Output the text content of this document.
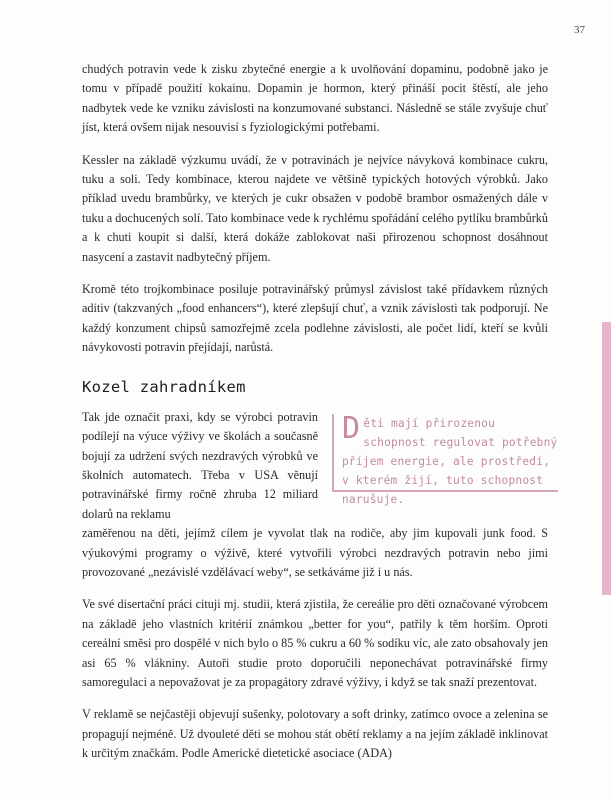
37

chudých potravin vede k zisku zbytečné energie a k uvolňování dopaminu, podobně jako je tomu v případě použití kokainu. Dopamin je hormon, který přináší pocit štěstí, ale jeho nadbytek vede ke vzniku závislosti na konzumované substanci. Následně se stále zvyšuje chuť jíst, která ovšem nijak nesouvisí s fyziologickými potřebami.

Kessler na základě výzkumu uvádí, že v potravinách je nejvíce návyková kombinace cukru, tuku a soli. Tedy kombinace, kterou najdete ve většině typických hotových výrobků. Jako příklad uvedu brambůrky, ve kterých je cukr obsažen v podobě brambor osmažených dále v tuku a dochucených solí. Tato kombinace vede k rychlému spořádání celého pytlíku brambůrků a k chuti koupit si další, která dokáže zablokovat naši přirozenou schopnost dosáhnout nasycení a zastavit nadbytečný příjem.

Kromě této trojkombinace posiluje potravinářský průmysl závislost také přídavkem různých aditiv (takzvaných „food enhancers“), které zlepšují chuť, a vznik závislosti tak podporují. Ne každý konzument chipsů samozřejmě zcela podlehne závislosti, ale počet lidí, kteří se kvůli návykovosti potravin přejídají, narůstá.

Kozel zahradníkem

Tak jde označit praxi, kdy se výrobci potravin podílejí na výuce výživy ve školách a současně bojují za udržení svých nezdravých výrobků ve školních automatech. Třeba v USA věnují potravinářské firmy ročně zhruba 12 miliard dolarů na reklamu

Děti mají přirozenou schopnost regulovat potřebný příjem energie, ale prostředí, v kterém žijí, tuto schopnost narušuje.

zaměřenou na děti, jejímž cílem je vyvolat tlak na rodiče, aby jim kupovali junk food. S výukovými programy o výživě, které vytvořili výrobci nezdravých potravin nebo jimi provozované „nezávislé vzdělávací weby“, se setkáváme již i u nás.

Ve své disertační práci cituji mj. studii, která zjistila, že cereálie pro děti označované výrobcem na základě jeho vlastních kritérií známkou „better for you“, patřily k těm horším. Oproti cereální směsi pro dospělé v nich bylo o 85 % cukru a 60 % sodíku víc, ale zato obsahovaly jen asi 65 % vlákniny. Autoři studie proto doporučili neponechávat potravinářské firmy samoregulaci a nepovažovat je za propagátory zdravé výživy, i když se tak snaží prezentovat.

V reklamě se nejčastěji objevují sušenky, polotovary a soft drinky, zatímco ovoce a zelenina se propagují nejméně. Už dvouleté děti se mohou stát obětí reklamy a na jejím základě inklinovat k určitým značkám. Podle Americké dietetické asociace (ADA)
